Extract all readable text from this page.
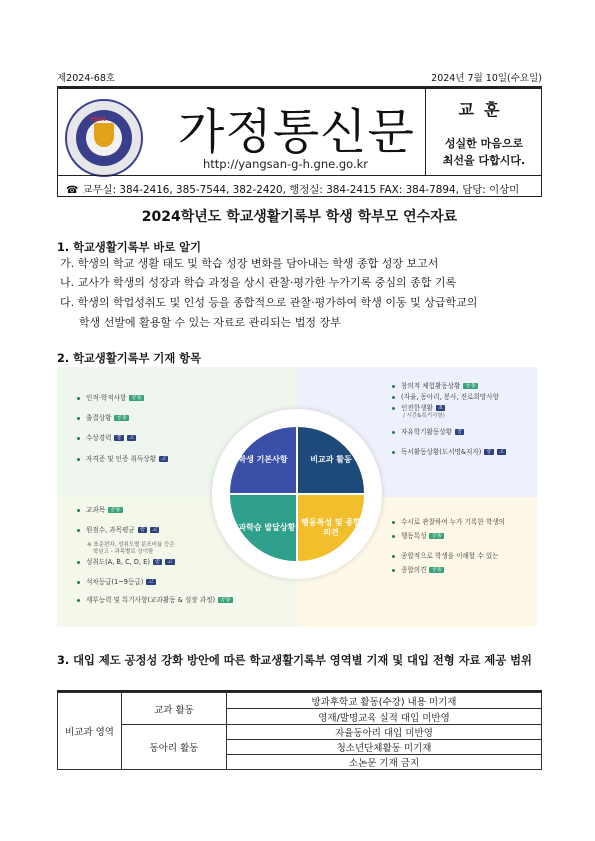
제2024-68호	2024년 7월 10일(수요일)
YSGH 가정통신문
http://yangsan-g-h.gne.go.kr
교훈
성실한 마음으로
최선을 다합시다.
☎ 교무실: 384-2416, 385-7544, 382-2420, 행정실: 384-2415 FAX: 384-7894, 담당: 이상미
2024학년도 학교생활기록부 학생 학부모 연수자료
1. 학교생활기록부 바로 알기
가. 학생의 학교 생활 태도 및 학습 성장 변화를 담아내는 학생 종합 성장 보고서
나. 교사가 학생의 성장과 학습 과정을 상시 관찰·평가한 누가기록 중심의 종합 기록
다. 학생의 학업성취도 및 인성 등을 종합적으로 관찰·평가하여 학생 이동 및 상급학교의
학생 선발에 활용할 수 있는 자료로 관리되는 법정 장부
2. 학교생활기록부 기재 항목
인적·학적사항 공통
출결상황 공통
수상경력 중 고
자격증 및 인증 취득상황 고
창의적 체험활동상황 공통
(자율, 동아리, 봉사, 진로희망사항
인전한생활 초
자유학기활동상황 중
독서활동상황(도서명&저자) 중 고
교과목 공통
원점수, 과목평균 중 고
성취도(A, B, C, D, E) 중 고
석차등급(1~9등급) 고
세부능력 및 특기사항(교과활동 & 성장 과정) 공통
수시로 관찰하여 누가 기록한 학생의
행동특성 공통
종합적으로 학생을 이해할 수 있는
종합의견 공통
/ 시간&특기사항)
※ 표준편차, 성취도별 분포비율 등은
학년고 - 과목별로 상이함
학생 기본사항	비교과 활동
교과학습 발달상황
행동특성 및 종합의견
3. 대입 제도 공정성 강화 방안에 따른 학교생활기록부 영역별 기재 및 대입 전형 자료 제공 범위
비교과 영역	교과 활동	방과후학교 활동(수강) 내용 미기재
		영재/발명교육 실적 대입 미반영
	동아리 활동	자율동아리 대입 미반영
		청소년단체활동 미기재
		소논문 기재 금지
